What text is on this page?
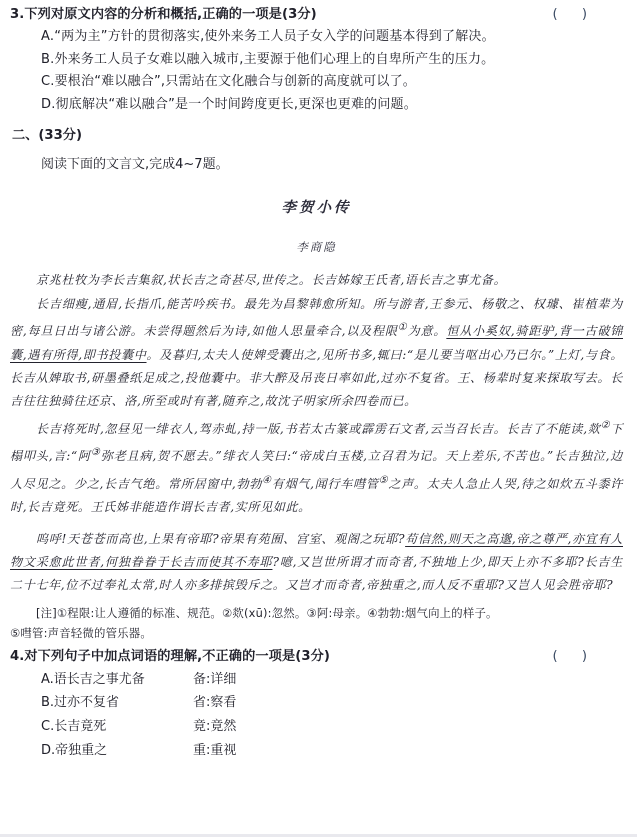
3.下列对原文内容的分析和概括,正确的一项是(3分)	( )
A.“两为主”方针的贯彻落实,使外来务工人员子女入学的问题基本得到了解决。
B.外来务工人员子女难以融入城市,主要源于他们心理上的自卑所产生的压力。
C.要根治“难以融合”,只需站在文化融合与创新的高度就可以了。
D.彻底解决“难以融合”是一个时间跨度更长,更深也更难的问题。
二、(33分)
阅读下面的文言文,完成4~7题。
李贺小传
李商隐

京兆杜牧为李长吉集叙,状长吉之奇甚尽,世传之。长吉姊嫁王氏者,语长吉之事尤备。

长吉细瘦,通眉,长指爪,能苦吟疾书。最先为昌黎韩愈所知。所与游者,王参元、杨敬之、权璩、崔植辈为密,每旦日出与诸公游。未尝得题然后为诗,如他人思量牵合,以及程限①为意。恒从小奚奴,骑距驴,背一古破锦囊,遇有所得,即书投囊中。及暮归,太夫人使婢受囊出之,见所书多,辄曰:“是儿要当呕出心乃已尔。”上灯,与食。长吉从婢取书,研墨叠纸足成之,投他囊中。非大醉及吊丧日率如此,过亦不复省。王、杨辈时复来探取写去。长吉往往独骑往还京、洛,所至或时有著,随弃之,故沈子明家所余四卷而已。

长吉将死时,忽昼见一绯衣人,驾赤虬,持一版,书若太古篆或霹雳石文者,云当召长吉。长吉了不能读,欻②下榻叩头,言:“阿③弥老且病,贺不愿去。”绯衣人笑曰:“帝成白玉楼,立召君为记。天上差乐,不苦也。”长吉独泣,边人尽见之。少之,长吉气绝。常所居窗中,勃勃④有烟气,闻行车嘒管⑤之声。太夫人急止人哭,待之如炊五斗黍许时,长吉竟死。王氏姊非能造作谓长吉者,实所见如此。

呜呼!天苍苍而高也,上果有帝耶?帝果有苑囿、宫室、观阁之玩耶?苟信然,则天之高邈,帝之尊严,亦宜有人物文采愈此世者,何独眷眷于长吉而使其不寿耶?噫,又岂世所谓才而奇者,不独地上少,即天上亦不多耶?长吉生二十七年,位不过奉礼太常,时人亦多排摈毁斥之。又岂才而奇者,帝独重之,而人反不重耶?又岂人见会胜帝耶?

[注]①程限:让人遵循的标准、规范。②欻(xū):忽然。③阿:母亲。④勃勃:烟气向上的样子。
⑤嘒管:声音轻微的管乐器。
4.对下列句子中加点词语的理解,不正确的一项是(3分)	( )
A.语长吉之事尤备	备:详细
B.过亦不复省	省:察看
C.长吉竟死	竟:竟然
D.帝独重之	重:重视
